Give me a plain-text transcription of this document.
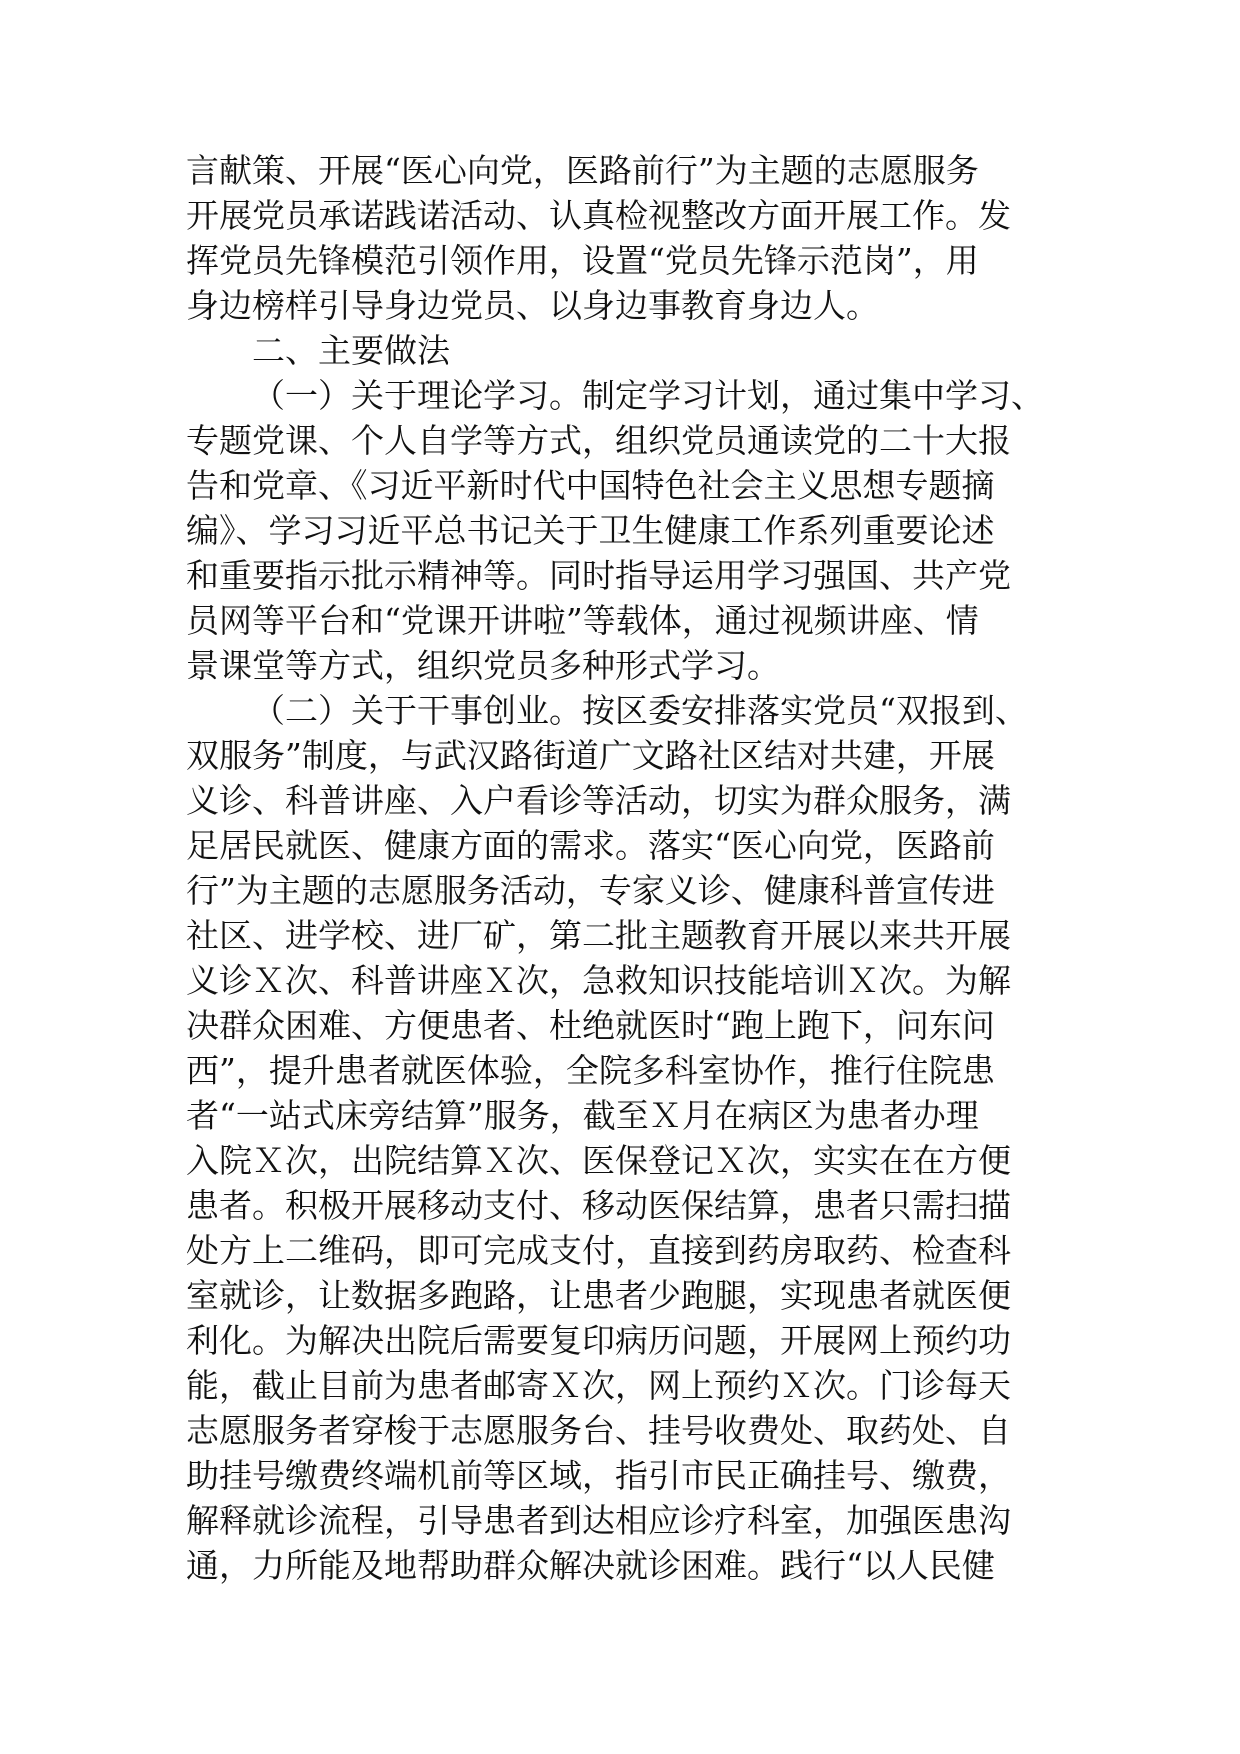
言献策、开展“医心向党，医路前行”为主题的志愿服务
开展党员承诺践诺活动、认真检视整改方面开展工作。发
挥党员先锋模范引领作用，设置“党员先锋示范岗”，用
身边榜样引导身边党员、以身边事教育身边人。
二、主要做法
（一）关于理论学习。制定学习计划，通过集中学习、
专题党课、个人自学等方式，组织党员通读党的二十大报
告和党章、《习近平新时代中国特色社会主义思想专题摘
编》、学习习近平总书记关于卫生健康工作系列重要论述
和重要指示批示精神等。同时指导运用学习强国、共产党
员网等平台和“党课开讲啦”等载体，通过视频讲座、情
景课堂等方式，组织党员多种形式学习。
（二）关于干事创业。按区委安排落实党员“双报到、
双服务”制度，与武汉路街道广文路社区结对共建，开展
义诊、科普讲座、入户看诊等活动，切实为群众服务，满
足居民就医、健康方面的需求。落实“医心向党，医路前
行”为主题的志愿服务活动，专家义诊、健康科普宣传进
社区、进学校、进厂矿，第二批主题教育开展以来共开展
义诊Ｘ次、科普讲座Ｘ次，急救知识技能培训Ｘ次。为解
决群众困难、方便患者、杜绝就医时“跑上跑下，问东问
西”，提升患者就医体验，全院多科室协作，推行住院患
者“一站式床旁结算”服务，截至Ｘ月在病区为患者办理
入院Ｘ次，出院结算Ｘ次、医保登记Ｘ次，实实在在方便
患者。积极开展移动支付、移动医保结算，患者只需扫描
处方上二维码，即可完成支付，直接到药房取药、检查科
室就诊，让数据多跑路，让患者少跑腿，实现患者就医便
利化。为解决出院后需要复印病历问题，开展网上预约功
能，截止目前为患者邮寄Ｘ次，网上预约Ｘ次。门诊每天
志愿服务者穿梭于志愿服务台、挂号收费处、取药处、自
助挂号缴费终端机前等区域，指引市民正确挂号、缴费，
解释就诊流程，引导患者到达相应诊疗科室，加强医患沟
通，力所能及地帮助群众解决就诊困难。践行“以人民健
